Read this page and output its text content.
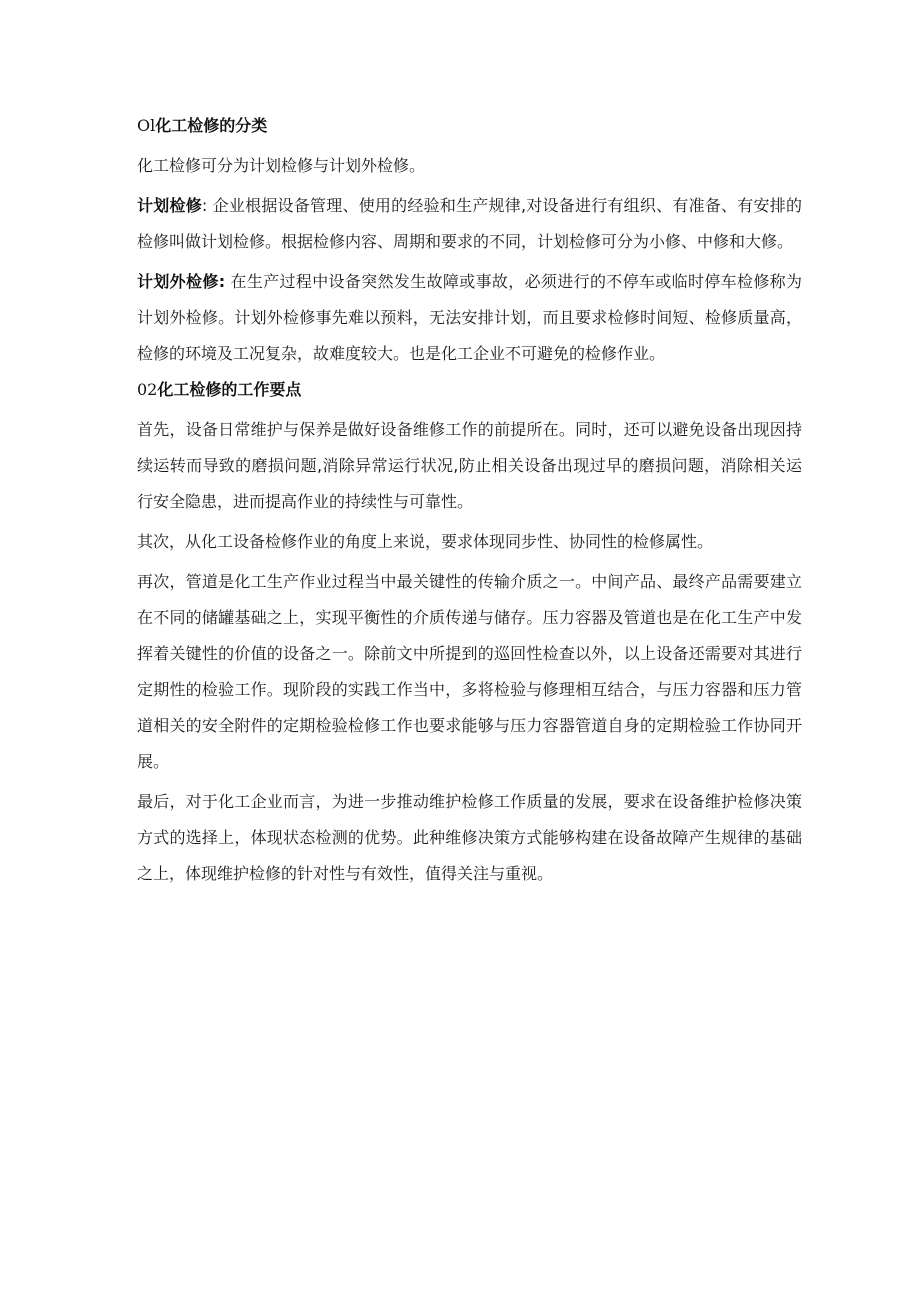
Ol化工检修的分类

化工检修可分为计划检修与计划外检修。

计划检修: 企业根据设备管理、使用的经验和生产规律,对设备进行有组织、有准备、有安排的检修叫做计划检修。根据检修内容、周期和要求的不同，计划检修可分为小修、中修和大修。

计划外检修: 在生产过程中设备突然发生故障或事故，必须进行的不停车或临时停车检修称为计划外检修。计划外检修事先难以预料，无法安排计划，而且要求检修时间短、检修质量高，检修的环境及工况复杂，故难度较大。也是化工企业不可避免的检修作业。

02化工检修的工作要点

首先，设备日常维护与保养是做好设备维修工作的前提所在。同时，还可以避免设备出现因持续运转而导致的磨损问题,消除异常运行状况,防止相关设备出现过早的磨损问题，消除相关运行安全隐患，进而提高作业的持续性与可靠性。

其次，从化工设备检修作业的角度上来说，要求体现同步性、协同性的检修属性。

再次，管道是化工生产作业过程当中最关键性的传输介质之一。中间产品、最终产品需要建立在不同的储罐基础之上，实现平衡性的介质传递与储存。压力容器及管道也是在化工生产中发挥着关键性的价值的设备之一。除前文中所提到的巡回性检查以外，以上设备还需要对其进行定期性的检验工作。现阶段的实践工作当中，多将检验与修理相互结合，与压力容器和压力管道相关的安全附件的定期检验检修工作也要求能够与压力容器管道自身的定期检验工作协同开展。

最后，对于化工企业而言，为进一步推动维护检修工作质量的发展，要求在设备维护检修决策方式的选择上，体现状态检测的优势。此种维修决策方式能够构建在设备故障产生规律的基础之上，体现维护检修的针对性与有效性，值得关注与重视。
